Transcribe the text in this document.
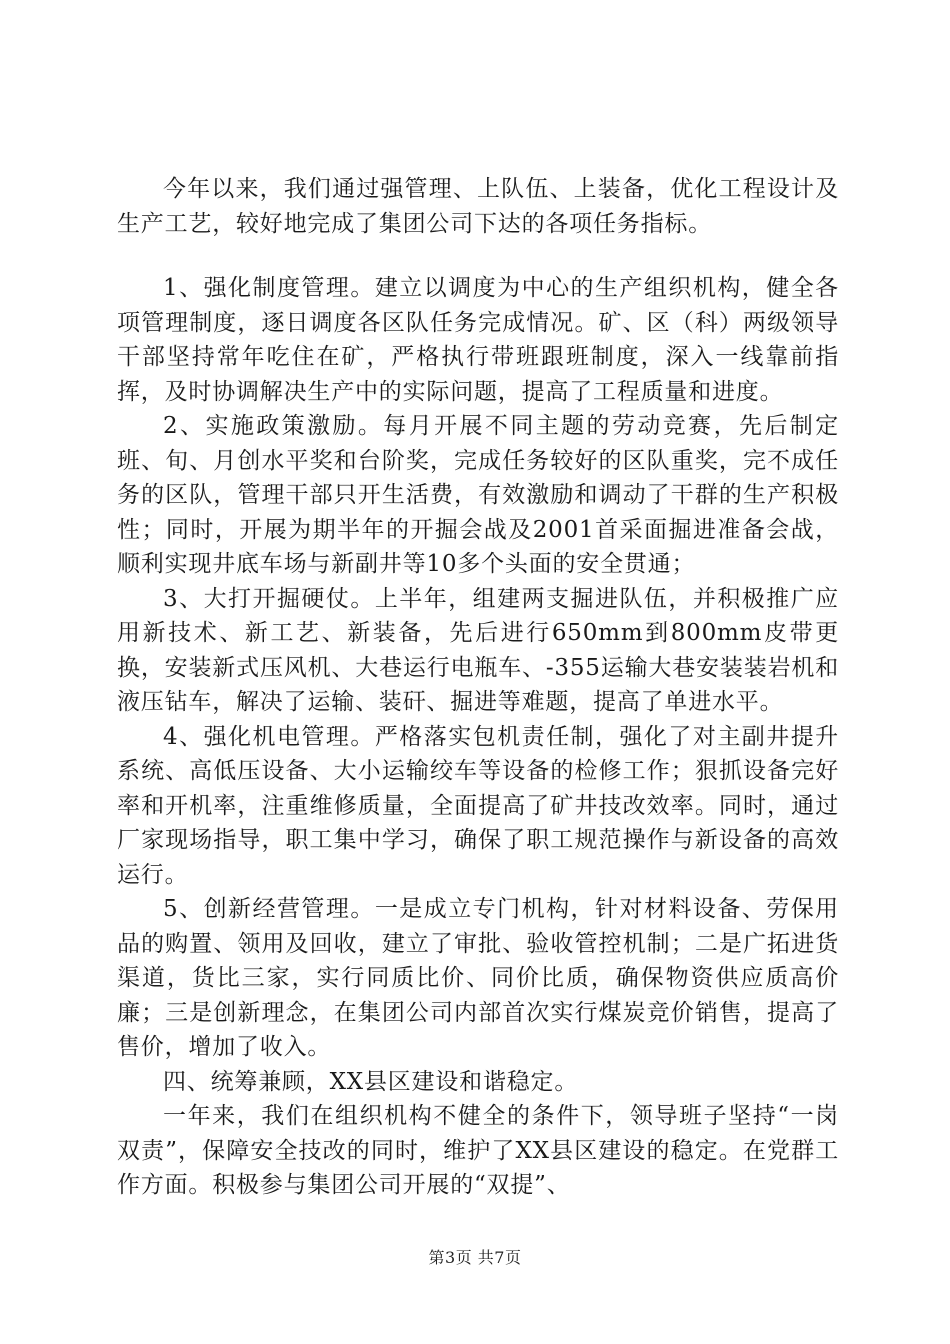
今年以来，我们通过强管理、上队伍、上装备，优化工程设计及生产工艺，较好地完成了集团公司下达的各项任务指标。

1、强化制度管理。建立以调度为中心的生产组织机构，健全各项管理制度，逐日调度各区队任务完成情况。矿、区（科）两级领导干部坚持常年吃住在矿，严格执行带班跟班制度，深入一线靠前指挥，及时协调解决生产中的实际问题，提高了工程质量和进度。

2、实施政策激励。每月开展不同主题的劳动竞赛，先后制定班、旬、月创水平奖和台阶奖，完成任务较好的区队重奖，完不成任务的区队，管理干部只开生活费，有效激励和调动了干群的生产积极性；同时，开展为期半年的开掘会战及2001首采面掘进准备会战，顺利实现井底车场与新副井等10多个头面的安全贯通；

3、大打开掘硬仗。上半年，组建两支掘进队伍，并积极推广应用新技术、新工艺、新装备，先后进行650mm到800mm皮带更换，安装新式压风机、大巷运行电瓶车、-355运输大巷安装装岩机和液压钻车，解决了运输、装矸、掘进等难题，提高了单进水平。

4、强化机电管理。严格落实包机责任制，强化了对主副井提升系统、高低压设备、大小运输绞车等设备的检修工作；狠抓设备完好率和开机率，注重维修质量，全面提高了矿井技改效率。同时，通过厂家现场指导，职工集中学习，确保了职工规范操作与新设备的高效运行。

5、创新经营管理。一是成立专门机构，针对材料设备、劳保用品的购置、领用及回收，建立了审批、验收管控机制；二是广拓进货渠道，货比三家，实行同质比价、同价比质，确保物资供应质高价廉；三是创新理念，在集团公司内部首次实行煤炭竞价销售，提高了售价，增加了收入。

四、统筹兼顾，XX县区建设和谐稳定。

一年来，我们在组织机构不健全的条件下，领导班子坚持“一岗双责”，保障安全技改的同时，维护了XX县区建设的稳定。在党群工作方面。积极参与集团公司开展的“双提”、

第3页 共7页
